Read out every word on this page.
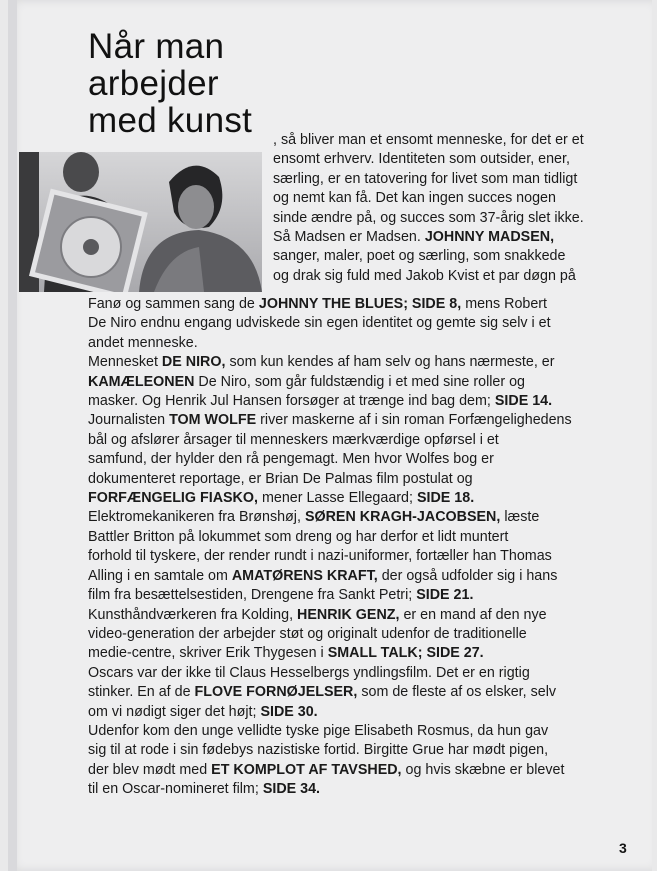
Når man
arbejder
med kunst , så bliver man et ensomt menneske, for det er et

ensomt erhverv. Identiteten som outsider, ener,

særling, er en tatovering for livet som man tidligt

og nemt kan få. Det kan ingen succes nogen

sinde ændre på, og succes som 37-årig slet ikke.

Så Madsen er Madsen. JOHNNY MADSEN,

sanger, maler, poet og særling, som snakkede

og drak sig fuld med Jakob Kvist et par døgn på

Fanø og sammen sang de JOHNNY THE BLUES; SIDE 8, mens Robert

De Niro endnu engang udviskede sin egen identitet og gemte sig selv i et

andet menneske.

Mennesket DE NIRO, som kun kendes af ham selv og hans nærmeste, er

KAMÆLEONEN De Niro, som går fuldstændig i et med sine roller og

masker. Og Henrik Jul Hansen forsøger at trænge ind bag dem; SIDE 14.

Journalisten TOM WOLFE river maskerne af i sin roman Forfængelighedens

bål og afslører årsager til menneskers mærkværdige opførsel i et

samfund, der hylder den rå pengemagt. Men hvor Wolfes bog er

dokumenteret reportage, er Brian De Palmas film postulat og

FORFÆNGELIG FIASKO, mener Lasse Ellegaard; SIDE 18.

Elektromekanikeren fra Brønshøj, SØREN KRAGH-JACOBSEN, læste

Battler Britton på lokummet som dreng og har derfor et lidt muntert

forhold til tyskere, der render rundt i nazi-uniformer, fortæller han Thomas

Alling i en samtale om AMATØRENS KRAFT, der også udfolder sig i hans

film fra besættelsestiden, Drengene fra Sankt Petri; SIDE 21.

Kunsthåndværkeren fra Kolding, HENRIK GENZ, er en mand af den nye

video-generation der arbejder støt og originalt udenfor de traditionelle

medie-centre, skriver Erik Thygesen i SMALL TALK; SIDE 27.

Oscars var der ikke til Claus Hesselbergs yndlingsfilm. Det er en rigtig

stinker. En af de FLOVE FORNØJELSER, som de fleste af os elsker, selv

om vi nødigt siger det højt; SIDE 30.

Udenfor kom den unge vellidte tyske pige Elisabeth Rosmus, da hun gav

sig til at rode i sin fødebys nazistiske fortid. Birgitte Grue har mødt pigen,

der blev mødt med ET KOMPLOT AF TAVSHED, og hvis skæbne er blevet

til en Oscar-nomineret film; SIDE 34.

3
